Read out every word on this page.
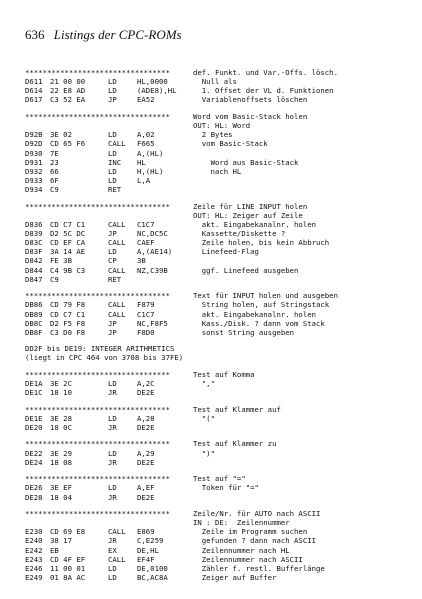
636 Listings der CPC-ROMs
*********************************	def. Funkt. und Var.-Offs. lösch.
D611 21 00 00	LD	HL,0000	Null als
D614 22 E8 AD	LD	(ADE8),HL 1. Offset der VL d. Funktionen
D617 C3 52 EA	JP	EA52	Variablenoffsets löschen
*********************************	Word vom Basic-Stack holen
OUT: HL: Word
D92B 3E 02	LD	A,02	2 Bytes
D92D CD 65 F6	CALL F665	vom Basic-Stack
D930 7E	LD	A,(HL)
D931 23	INC HL	Word aus Basic-Stack
D932 66	LD	H,(HL)	nach HL
D933 6F	LD	L,A
D934 C9	RET
*********************************	Zeile für LINE INPUT holen
OUT: HL: Zeiger auf Zeile
D836 CD C7 C1	CALL C1C7	akt. Eingabekanalnr. holen
D839 D2 5C DC	JP	NC,DC5C	Kassette/Diskette ?
D83C CD EF CA	CALL CAEF	Zeile holen, bis kein Abbruch
D83F 3A 14 AE	LD	A,(AE14)	Linefeed-Flag
D842 FE 3B	CP	3B
D844 C4 9B C3	CALL NZ,C39B	ggf. Linefeed ausgeben
D847 C9	RET
*********************************	Text für INPUT holen und ausgeben
DB86 CD 79 F8	CALL F879	String holen, auf Stringstack
DB89 CD C7 C1	CALL C1C7	akt. Eingabekanalnr. holen
DB8C D2 F5 F8	JP	NC,F8F5	Kass./Disk. ? dann vom Stack
DB8F C3 D0 F8	JP	F8D0	sonst String ausgeben
DD2F bis DE19: INTEGER ARITHMETICS
(liegt in CPC 464 von 3708 bis 37FE)
*********************************	Test auf Komma
DE1A 3E 2C	LD	A,2C	","
DE1C 18 10	JR	DE2E
*********************************	Test auf Klammer auf
DE1E 3E 28	LD	A,28	"("
DE20 18 0C	JR	DE2E
*********************************	Test auf Klammer zu
DE22 3E 29	LD	A,29	")"
DE24 18 08	JR	DE2E
*********************************	Test auf "="
DE26 3E EF	LD	A,EF	Token für "="
DE28 18 04	JR	DE2E
*********************************	Zeile/Nr. für AUTO nach ASCII
IN : DE:  Zeilennummer
E230 CD 69 E8	CALL E869	Zeile im Programm suchen
E240 38 17	JR	C,E259	gefunden ? dann nach ASCII
E242 EB	EX	DE,HL	Zeilennummer nach HL
E243 CD 4F EF	CALL EF4F	Zeilennummer nach ASCII
E246 11 00 01	LD	DE,0100	Zähler f. restl. Bufferlänge
E249 01 8A AC	LD	BC,AC8A	Zeiger auf Buffer
